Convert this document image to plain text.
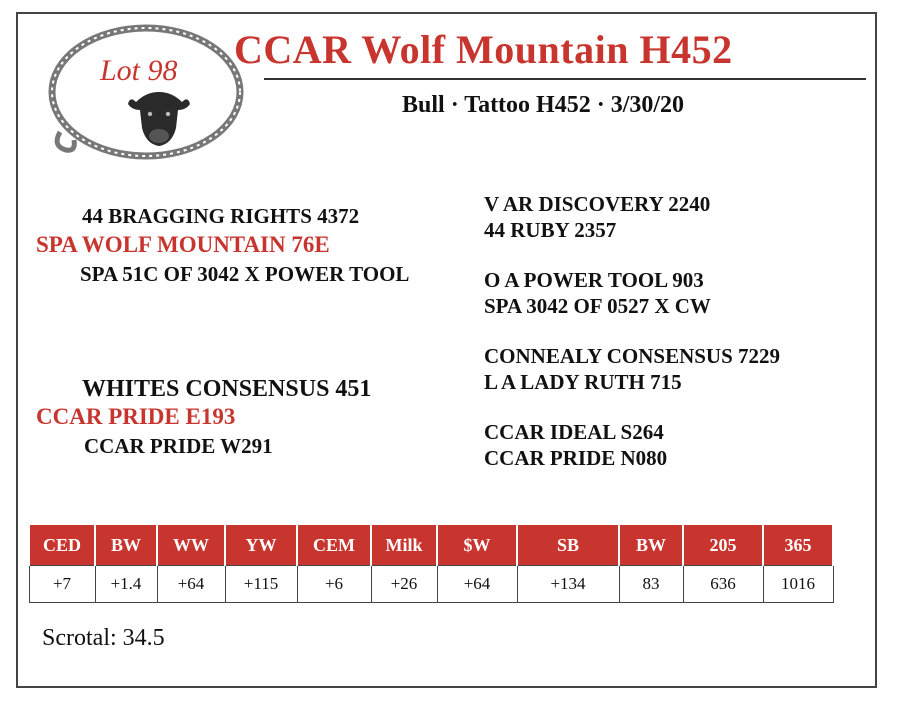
Lot 98 CCAR Wolf Mountain H452
Bull · Tattoo H452 · 3/30/20
44 BRAGGING RIGHTS 4372
SPA WOLF MOUNTAIN 76E
SPA 51C OF 3042 X POWER TOOL
V AR DISCOVERY 2240
44 RUBY 2357
O A POWER TOOL 903
SPA 3042 OF 0527 X CW
WHITES CONSENSUS 451
CCAR PRIDE E193
CCAR PRIDE W291
CONNEALY CONSENSUS 7229
L A LADY RUTH 715
CCAR IDEAL S264
CCAR PRIDE N080
CED	BW	WW	YW	CEM	Milk	$W	SB	BW	205	365
+7	+1.4	+64	+115	+6	+26	+64	+134	83	636	1016
Scrotal: 34.5
